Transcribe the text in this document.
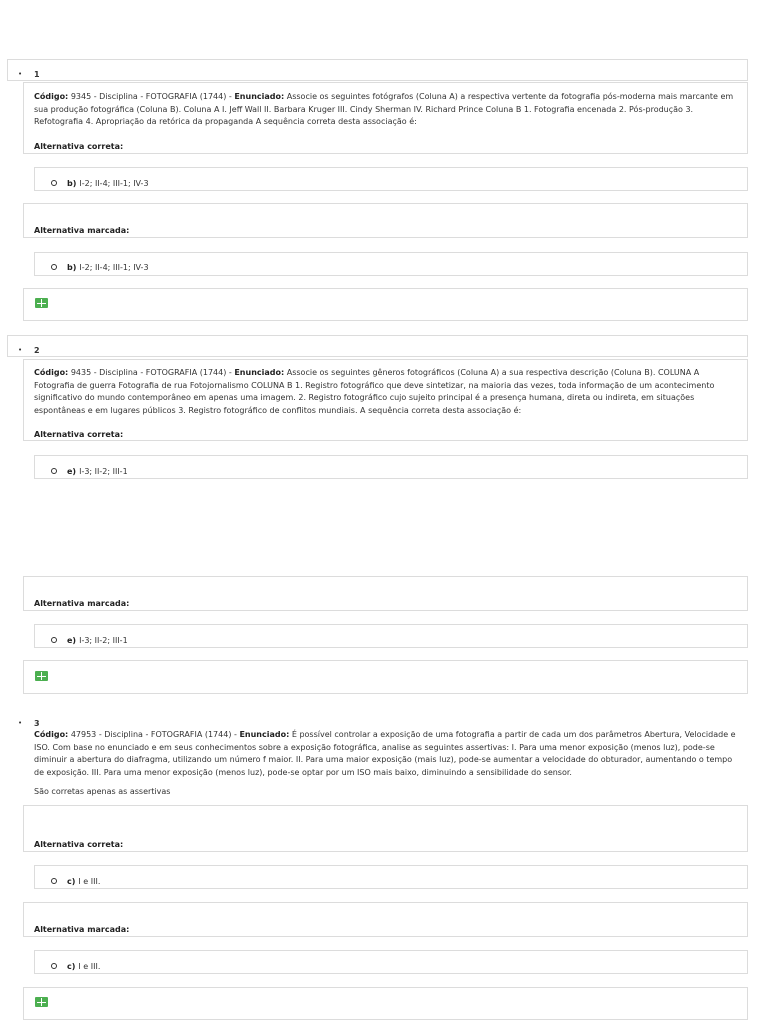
• 1
Código: 9345 - Disciplina - FOTOGRAFIA (1744) - Enunciado: Associe os seguintes fotógrafos (Coluna A) a respectiva vertente da fotografia pós-moderna mais marcante em sua produção fotográfica (Coluna B). Coluna A I. Jeff Wall II. Barbara Kruger III. Cindy Sherman IV. Richard Prince Coluna B 1. Fotografia encenada 2. Pós-produção 3. Refotografia 4. Apropriação da retórica da propaganda A sequência correta desta associação é:
Alternativa correta:
b) I-2; II-4; III-1; IV-3
Alternativa marcada:
b) I-2; II-4; III-1; IV-3
• 2
Código: 9435 - Disciplina - FOTOGRAFIA (1744) - Enunciado: Associe os seguintes gêneros fotográficos (Coluna A) a sua respectiva descrição (Coluna B). COLUNA A Fotografia de guerra Fotografia de rua Fotojornalismo COLUNA B 1. Registro fotográfico que deve sintetizar, na maioria das vezes, toda informação de um acontecimento significativo do mundo contemporâneo em apenas uma imagem. 2. Registro fotográfico cujo sujeito principal é a presença humana, direta ou indireta, em situações espontâneas e em lugares públicos 3. Registro fotográfico de conflitos mundiais. A sequência correta desta associação é:
Alternativa correta:
e) I-3; II-2; III-1
Alternativa marcada:
e) I-3; II-2; III-1
• 3
Código: 47953 - Disciplina - FOTOGRAFIA (1744) - Enunciado: É possível controlar a exposição de uma fotografia a partir de cada um dos parâmetros Abertura, Velocidade e ISO. Com base no enunciado e em seus conhecimentos sobre a exposição fotográfica, analise as seguintes assertivas: I. Para uma menor exposição (menos luz), pode-se diminuir a abertura do diafragma, utilizando um número f maior. II. Para uma maior exposição (mais luz), pode-se aumentar a velocidade do obturador, aumentando o tempo de exposição. III. Para uma menor exposição (menos luz), pode-se optar por um ISO mais baixo, diminuindo a sensibilidade do sensor.
São corretas apenas as assertivas
Alternativa correta:
c) I e III.
Alternativa marcada:
c) I e III.
